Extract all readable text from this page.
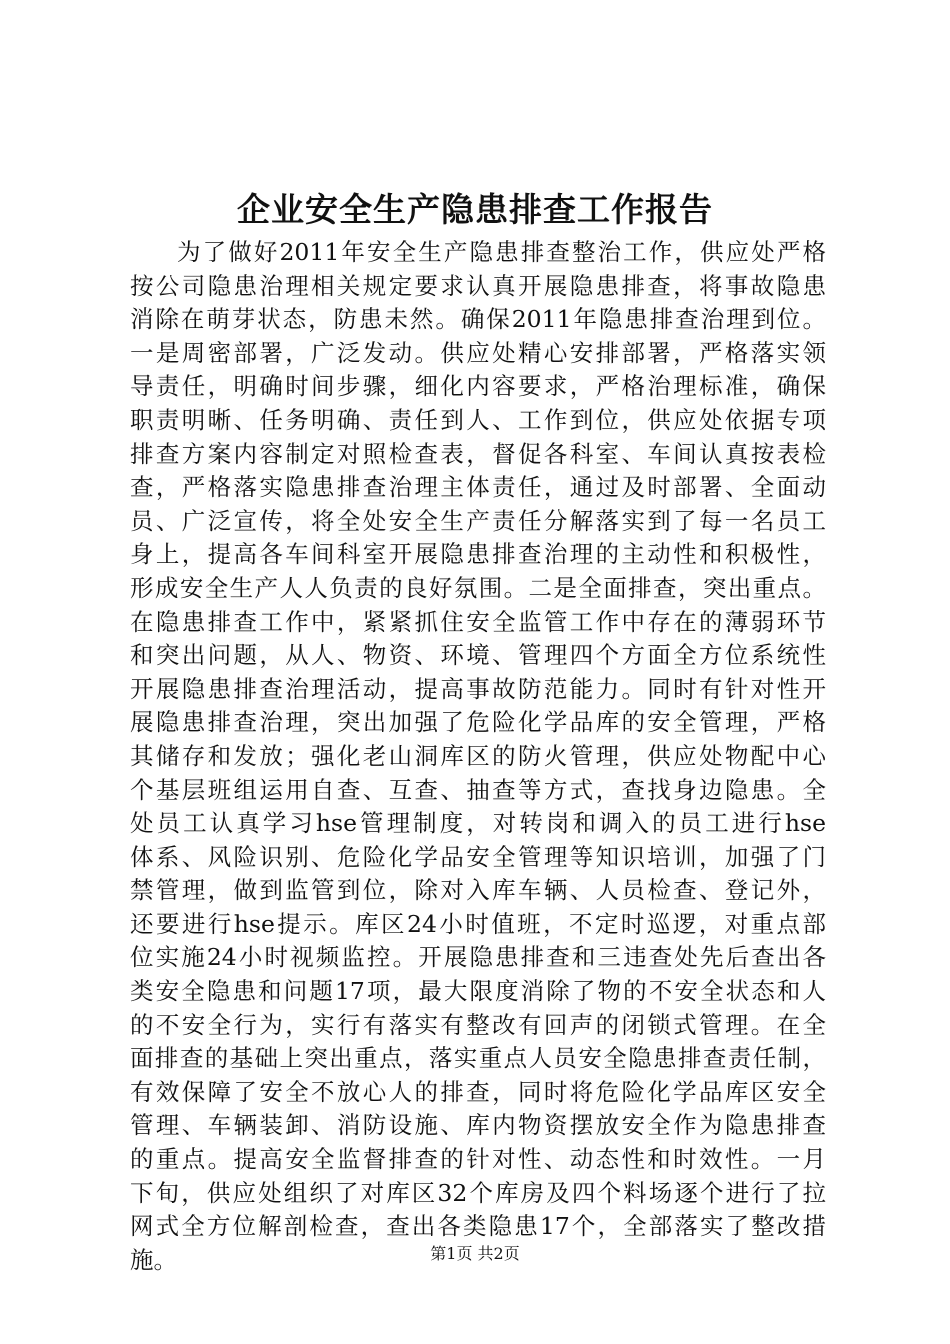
企业安全生产隐患排查工作报告
为了做好2011年安全生产隐患排查整治工作，供应处严格
按公司隐患治理相关规定要求认真开展隐患排查，将事故隐患
消除在萌芽状态，防患未然。确保2011年隐患排查治理到位。
一是周密部署，广泛发动。供应处精心安排部署，严格落实领
导责任，明确时间步骤，细化内容要求，严格治理标准，确保
职责明晰、任务明确、责任到人、工作到位，供应处依据专项
排查方案内容制定对照检查表，督促各科室、车间认真按表检
查，严格落实隐患排查治理主体责任，通过及时部署、全面动
员、广泛宣传，将全处安全生产责任分解落实到了每一名员工
身上，提高各车间科室开展隐患排查治理的主动性和积极性，
形成安全生产人人负责的良好氛围。二是全面排查，突出重点。
在隐患排查工作中，紧紧抓住安全监管工作中存在的薄弱环节
和突出问题，从人、物资、环境、管理四个方面全方位系统性
开展隐患排查治理活动，提高事故防范能力。同时有针对性开
展隐患排查治理，突出加强了危险化学品库的安全管理，严格
其储存和发放；强化老山洞库区的防火管理，供应处物配中心
个基层班组运用自查、互查、抽查等方式，查找身边隐患。全
处员工认真学习hse管理制度，对转岗和调入的员工进行hse
体系、风险识别、危险化学品安全管理等知识培训，加强了门
禁管理，做到监管到位，除对入库车辆、人员检查、登记外，
还要进行hse提示。库区24小时值班，不定时巡逻，对重点部
位实施24小时视频监控。开展隐患排查和三违查处先后查出各
类安全隐患和问题17项，最大限度消除了物的不安全状态和人
的不安全行为，实行有落实有整改有回声的闭锁式管理。在全
面排查的基础上突出重点，落实重点人员安全隐患排查责任制，
有效保障了安全不放心人的排查，同时将危险化学品库区安全
管理、车辆装卸、消防设施、库内物资摆放安全作为隐患排查
的重点。提高安全监督排查的针对性、动态性和时效性。一月
下旬，供应处组织了对库区32个库房及四个料场逐个进行了拉
网式全方位解剖检查，查出各类隐患17个，全部落实了整改措
施。	第1页 共2页
